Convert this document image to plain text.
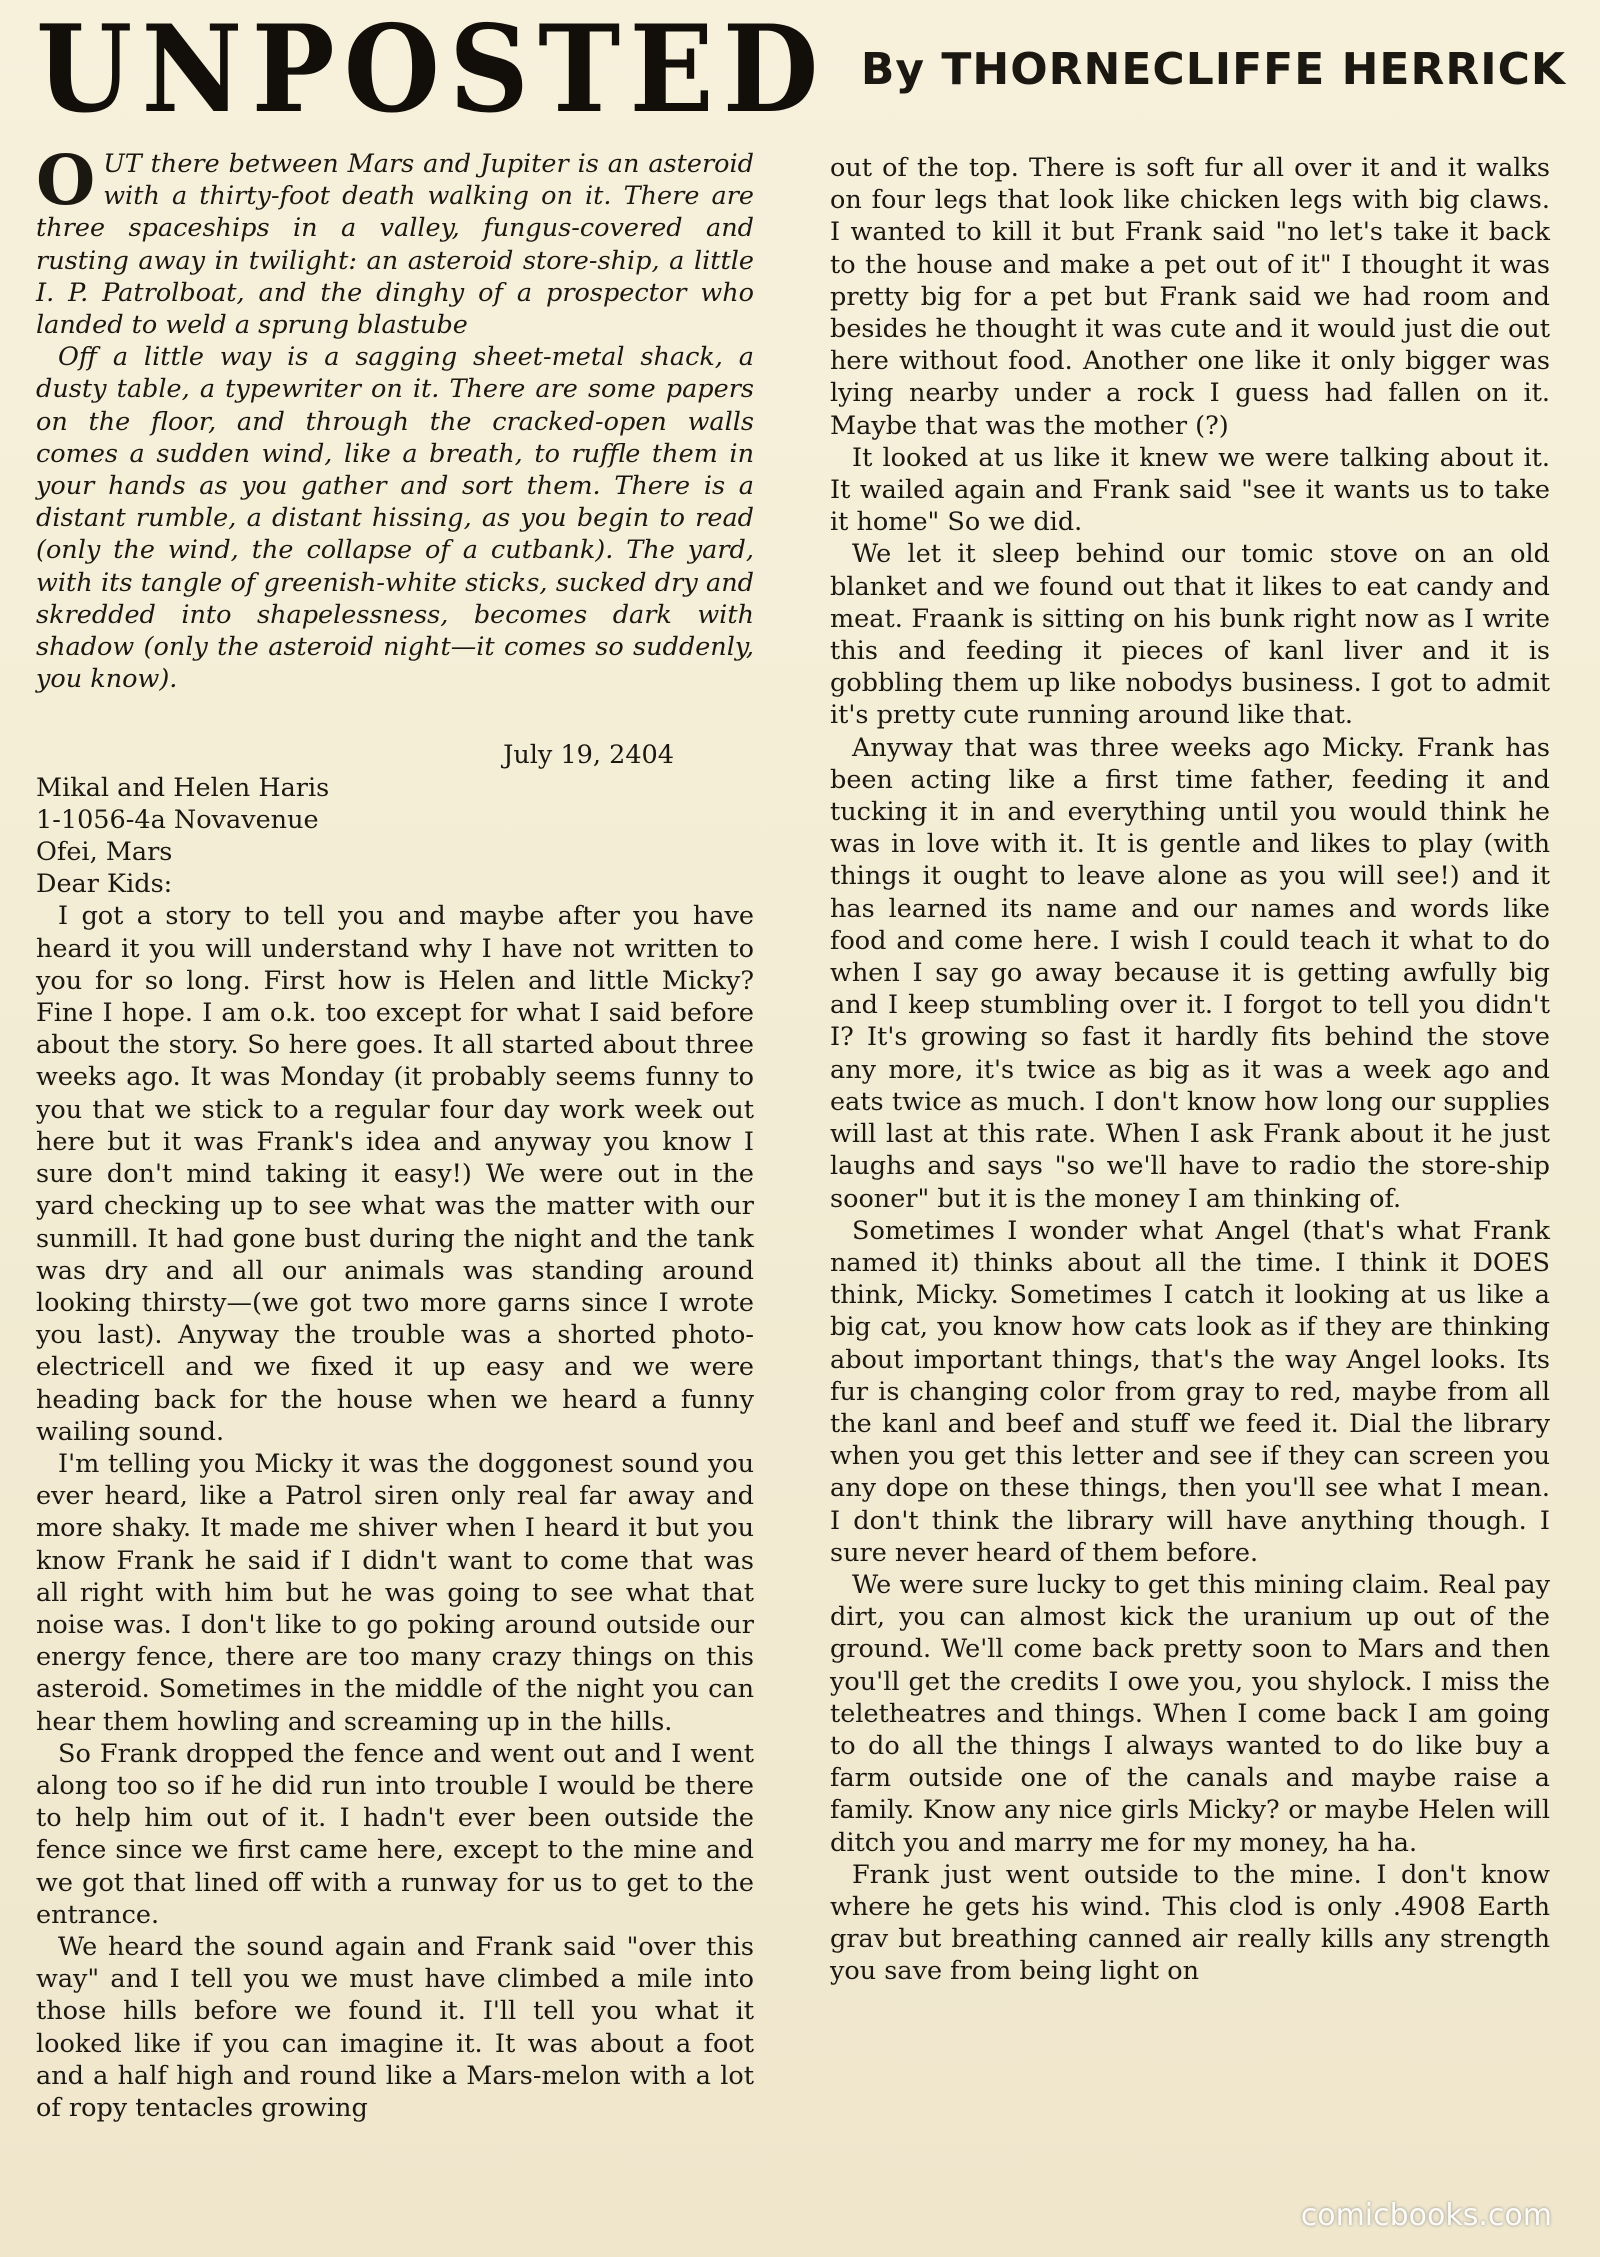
UNPOSTED By THORNECLIFFE HERRICK

OUT there between Mars and Jupiter is an asteroid with a thirty-foot death walking on it. There are three spaceships in a valley, fungus-covered and rusting away in twilight: an asteroid store-ship, a little I. P. Patrolboat, and the dinghy of a prospector who landed to weld a sprung blastube

Off a little way is a sagging sheet-metal shack, a dusty table, a typewriter on it. There are some papers on the floor, and through the cracked-open walls comes a sudden wind, like a breath, to ruffle them in your hands as you gather and sort them. There is a distant rumble, a distant hissing, as you begin to read (only the wind, the collapse of a cutbank). The yard, with its tangle of greenish-white sticks, sucked dry and skredded into shapelessness, becomes dark with shadow (only the asteroid night—it comes so suddenly, you know).

July 19, 2404
Mikal and Helen Haris
1-1056-4a Novavenue
Ofei, Mars
Dear Kids:

I got a story to tell you and maybe after you have heard it you will understand why I have not written to you for so long. First how is Helen and little Micky? Fine I hope. I am o.k. too except for what I said before about the story. So here goes. It all started about three weeks ago. It was Monday (it probably seems funny to you that we stick to a regular four day work week out here but it was Frank's idea and anyway you know I sure don't mind taking it easy!) We were out in the yard checking up to see what was the matter with our sunmill. It had gone bust during the night and the tank was dry and all our animals was standing around looking thirsty—(we got two more garns since I wrote you last). Anyway the trouble was a shorted photo-electricell and we fixed it up easy and we were heading back for the house when we heard a funny wailing sound.

I'm telling you Micky it was the doggonest sound you ever heard, like a Patrol siren only real far away and more shaky. It made me shiver when I heard it but you know Frank he said if I didn't want to come that was all right with him but he was going to see what that noise was. I don't like to go poking around outside our energy fence, there are too many crazy things on this asteroid. Sometimes in the middle of the night you can hear them howling and screaming up in the hills.

So Frank dropped the fence and went out and I went along too so if he did run into trouble I would be there to help him out of it. I hadn't ever been outside the fence since we first came here, except to the mine and we got that lined off with a runway for us to get to the entrance.

We heard the sound again and Frank said "over this way" and I tell you we must have climbed a mile into those hills before we found it. I'll tell you what it looked like if you can imagine it. It was about a foot and a half high and round like a Mars-melon with a lot of ropy tentacles growing

out of the top. There is soft fur all over it and it walks on four legs that look like chicken legs with big claws. I wanted to kill it but Frank said "no let's take it back to the house and make a pet out of it" I thought it was pretty big for a pet but Frank said we had room and besides he thought it was cute and it would just die out here without food. Another one like it only bigger was lying nearby under a rock I guess had fallen on it. Maybe that was the mother (?)

It looked at us like it knew we were talking about it. It wailed again and Frank said "see it wants us to take it home" So we did.

We let it sleep behind our tomic stove on an old blanket and we found out that it likes to eat candy and meat. Fraank is sitting on his bunk right now as I write this and feeding it pieces of kanl liver and it is gobbling them up like nobodys business. I got to admit it's pretty cute running around like that.

Anyway that was three weeks ago Micky. Frank has been acting like a first time father, feeding it and tucking it in and everything until you would think he was in love with it. It is gentle and likes to play (with things it ought to leave alone as you will see!) and it has learned its name and our names and words like food and come here. I wish I could teach it what to do when I say go away because it is getting awfully big and I keep stumbling over it. I forgot to tell you didn't I? It's growing so fast it hardly fits behind the stove any more, it's twice as big as it was a week ago and eats twice as much. I don't know how long our supplies will last at this rate. When I ask Frank about it he just laughs and says "so we'll have to radio the store-ship sooner" but it is the money I am thinking of.

Sometimes I wonder what Angel (that's what Frank named it) thinks about all the time. I think it DOES think, Micky. Sometimes I catch it looking at us like a big cat, you know how cats look as if they are thinking about important things, that's the way Angel looks. Its fur is changing color from gray to red, maybe from all the kanl and beef and stuff we feed it. Dial the library when you get this letter and see if they can screen you any dope on these things, then you'll see what I mean. I don't think the library will have anything though. I sure never heard of them before.

We were sure lucky to get this mining claim. Real pay dirt, you can almost kick the uranium up out of the ground. We'll come back pretty soon to Mars and then you'll get the credits I owe you, you shylock. I miss the teletheatres and things. When I come back I am going to do all the things I always wanted to do like buy a farm outside one of the canals and maybe raise a family. Know any nice girls Micky? or maybe Helen will ditch you and marry me for my money, ha ha.

Frank just went outside to the mine. I don't know where he gets his wind. This clod is only .4908 Earth grav but breathing canned air really kills any strength you save from being light on

comicbooks.com
